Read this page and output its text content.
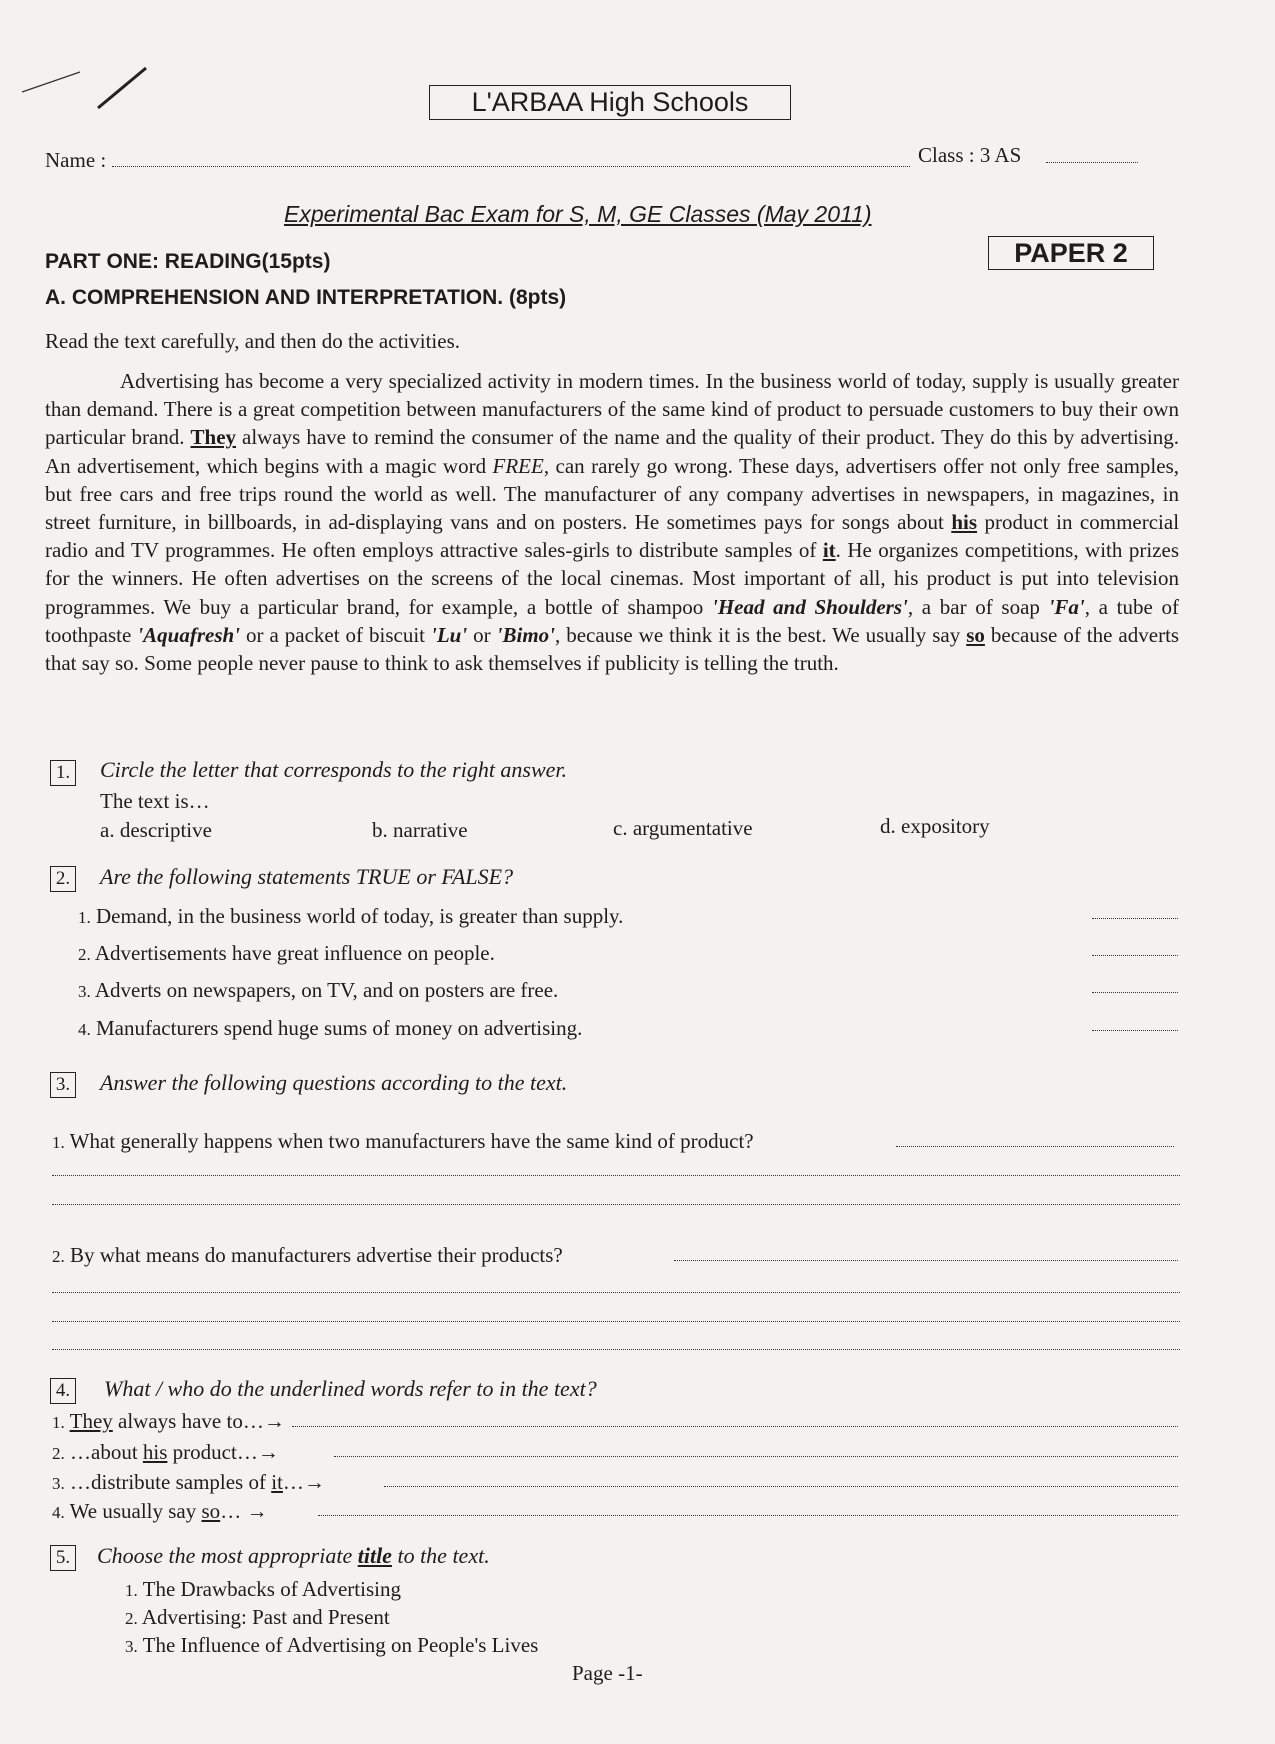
L'ARBAA High Schools
Name :	Class : 3 AS
Experimental Bac Exam for S, M, GE Classes (May 2011)
PAPER 2
PART ONE: READING(15pts)
A. COMPREHENSION AND INTERPRETATION. (8pts)
Read the text carefully, and then do the activities.

Advertising has become a very specialized activity in modern times. In the business world of today, supply is usually greater than demand. There is a great competition between manufacturers of the same kind of product to persuade customers to buy their own particular brand. They always have to remind the consumer of the name and the quality of their product. They do this by advertising. An advertisement, which begins with a magic word FREE, can rarely go wrong. These days, advertisers offer not only free samples, but free cars and free trips round the world as well. The manufacturer of any company advertises in newspapers, in magazines, in street furniture, in billboards, in ad-displaying vans and on posters. He sometimes pays for songs about his product in commercial radio and TV programmes. He often employs attractive sales-girls to distribute samples of it. He organizes competitions, with prizes for the winners. He often advertises on the screens of the local cinemas. Most important of all, his product is put into television programmes. We buy a particular brand, for example, a bottle of shampoo 'Head and Shoulders', a bar of soap 'Fa', a tube of toothpaste 'Aquafresh' or a packet of biscuit 'Lu' or 'Bimo', because we think it is the best. We usually say so because of the adverts that say so. Some people never pause to think to ask themselves if publicity is telling the truth.

1. Circle the letter that corresponds to the right answer.
The text is…
a. descriptive	b. narrative	c. argumentative	d. expository
2. Are the following statements TRUE or FALSE?
1. Demand, in the business world of today, is greater than supply.
2. Advertisements have great influence on people.
3. Adverts on newspapers, on TV, and on posters are free.
4. Manufacturers spend huge sums of money on advertising.
3. Answer the following questions according to the text.
1. What generally happens when two manufacturers have the same kind of product?
2. By what means do manufacturers advertise their products?
4. What / who do the underlined words refer to in the text?
1. They always have to…→
2. …about his product…→
3. …distribute samples of it…→
4. We usually say so… →
5. Choose the most appropriate title to the text.
1. The Drawbacks of Advertising
2. Advertising: Past and Present
3. The Influence of Advertising on People's Lives
Page -1-
